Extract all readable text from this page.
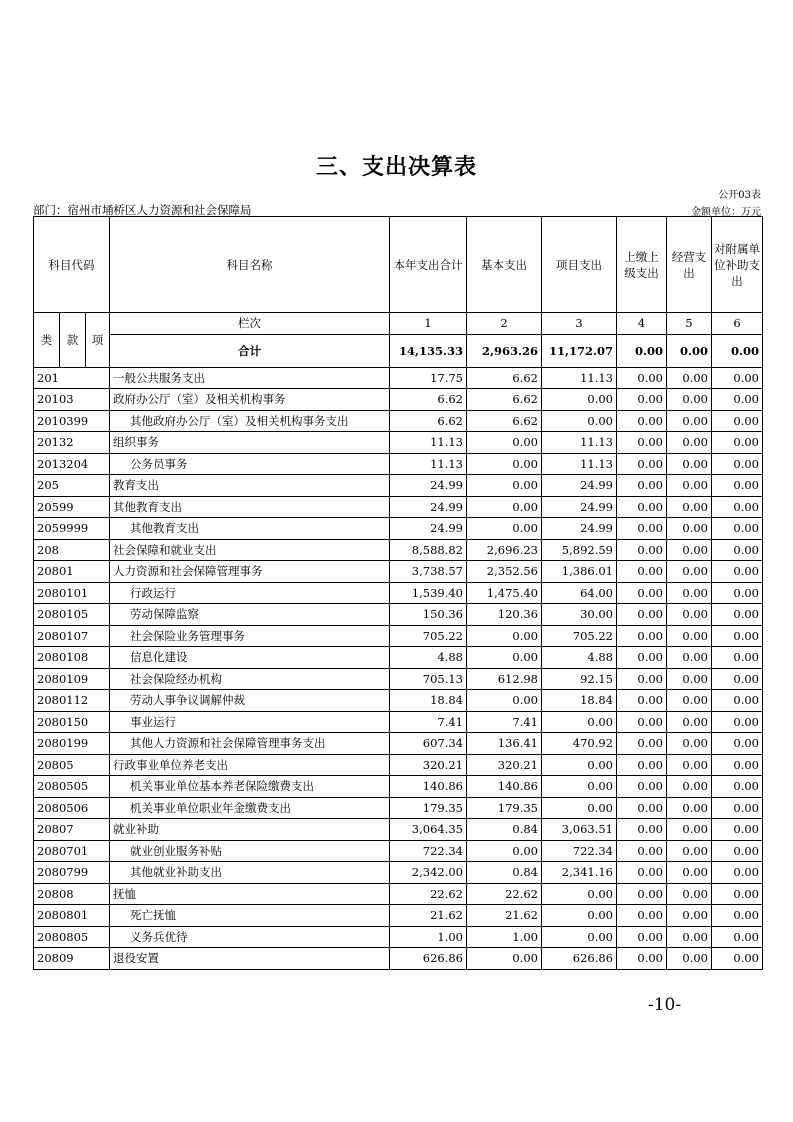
三、支出决算表
公开03表
部门：宿州市埇桥区人力资源和社会保障局	金额单位：万元
科目代码			科目名称	本年支出合计	基本支出	项目支出	上缴上级支出	经营支出	对附属单位补助支出
类	款	项	栏次	1	2	3	4	5	6
			合计	14,135.33	2,963.26	11,172.07	0.00	0.00	0.00
201			一般公共服务支出	17.75	6.62	11.13	0.00	0.00	0.00
20103			政府办公厅（室）及相关机构事务	6.62	6.62	0.00	0.00	0.00	0.00
2010399			其他政府办公厅（室）及相关机构事务支出	6.62	6.62	0.00	0.00	0.00	0.00
20132			组织事务	11.13	0.00	11.13	0.00	0.00	0.00
2013204			公务员事务	11.13	0.00	11.13	0.00	0.00	0.00
205			教育支出	24.99	0.00	24.99	0.00	0.00	0.00
20599			其他教育支出	24.99	0.00	24.99	0.00	0.00	0.00
2059999			其他教育支出	24.99	0.00	24.99	0.00	0.00	0.00
208			社会保障和就业支出	8,588.82	2,696.23	5,892.59	0.00	0.00	0.00
20801			人力资源和社会保障管理事务	3,738.57	2,352.56	1,386.01	0.00	0.00	0.00
2080101			行政运行	1,539.40	1,475.40	64.00	0.00	0.00	0.00
2080105			劳动保障监察	150.36	120.36	30.00	0.00	0.00	0.00
2080107			社会保险业务管理事务	705.22	0.00	705.22	0.00	0.00	0.00
2080108			信息化建设	4.88	0.00	4.88	0.00	0.00	0.00
2080109			社会保险经办机构	705.13	612.98	92.15	0.00	0.00	0.00
2080112			劳动人事争议调解仲裁	18.84	0.00	18.84	0.00	0.00	0.00
2080150			事业运行	7.41	7.41	0.00	0.00	0.00	0.00
2080199			其他人力资源和社会保障管理事务支出	607.34	136.41	470.92	0.00	0.00	0.00
20805			行政事业单位养老支出	320.21	320.21	0.00	0.00	0.00	0.00
2080505			机关事业单位基本养老保险缴费支出	140.86	140.86	0.00	0.00	0.00	0.00
2080506			机关事业单位职业年金缴费支出	179.35	179.35	0.00	0.00	0.00	0.00
20807			就业补助	3,064.35	0.84	3,063.51	0.00	0.00	0.00
2080701			就业创业服务补贴	722.34	0.00	722.34	0.00	0.00	0.00
2080799			其他就业补助支出	2,342.00	0.84	2,341.16	0.00	0.00	0.00
20808			抚恤	22.62	22.62	0.00	0.00	0.00	0.00
2080801			死亡抚恤	21.62	21.62	0.00	0.00	0.00	0.00
2080805			义务兵优待	1.00	1.00	0.00	0.00	0.00	0.00
20809			退役安置	626.86	0.00	626.86	0.00	0.00	0.00
-10-
